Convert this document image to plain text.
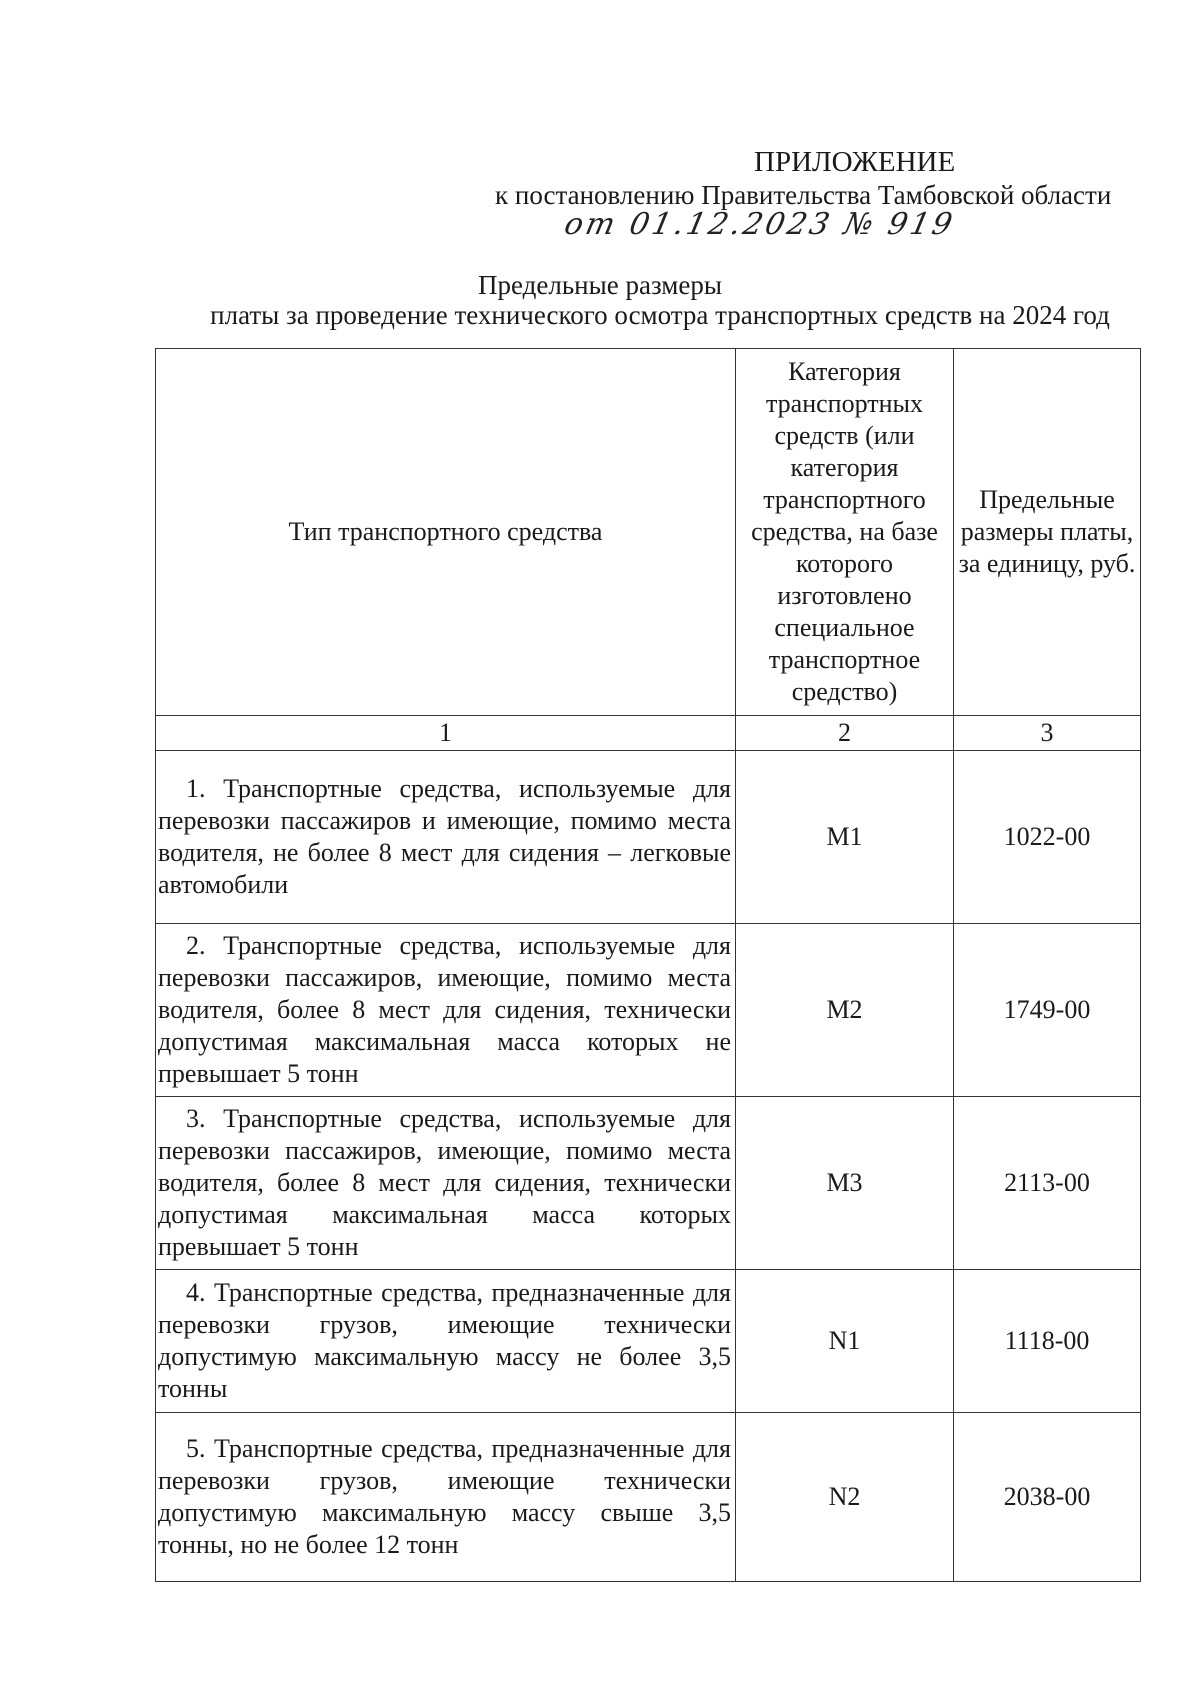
ПРИЛОЖЕНИЕ
к постановлению Правительства Тамбовской области
от 01.12.2023 № 919
Предельные размеры
платы за проведение технического осмотра транспортных средств на 2024 год
Тип транспортного средства	Категория транспортных средств (или категория транспортного средства, на базе которого изготовлено специальное транспортное средство)	Предельные размеры платы, за единицу, руб.
1	2	3
1. Транспортные средства, используемые для перевозки пассажиров и имеющие, помимо места водителя, не более 8 мест для сидения – легковые автомобили	M1	1022-00
2. Транспортные средства, используемые для перевозки пассажиров, имеющие, помимо места водителя, более 8 мест для сидения, технически допустимая максимальная масса которых не превышает 5 тонн	M2	1749-00
3. Транспортные средства, используемые для перевозки пассажиров, имеющие, помимо места водителя, более 8 мест для сидения, технически допустимая максимальная масса которых превышает 5 тонн	M3	2113-00
4. Транспортные средства, предназначенные для перевозки грузов, имеющие технически допустимую максимальную массу не более 3,5 тонны	N1	1118-00
5. Транспортные средства, предназначенные для перевозки грузов, имеющие технически допустимую максимальную массу свыше 3,5 тонны, но не более 12 тонн	N2	2038-00
